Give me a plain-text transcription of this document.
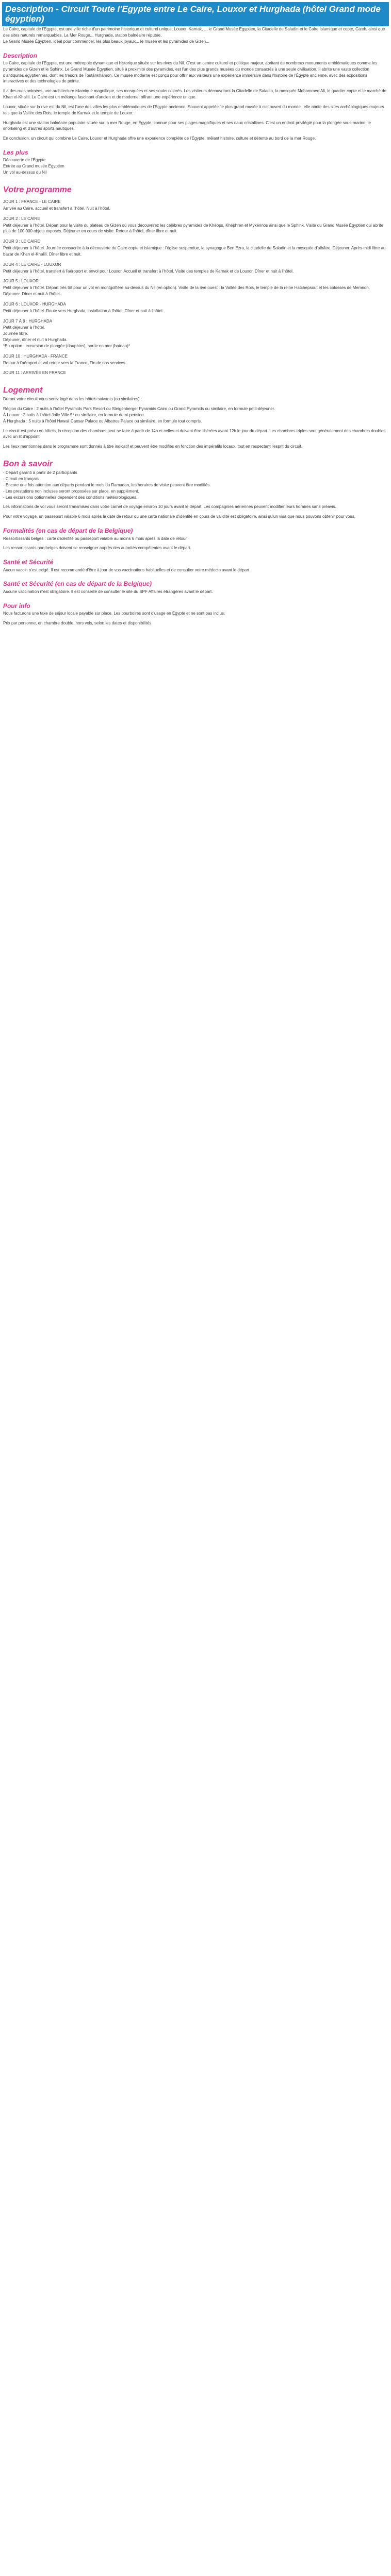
Description - Circuit Toute l'Egypte entre Le Caire, Louxor et Hurghada (hôtel Grand mode égyptien)

Le Caire, capitale de l'Égypte, est une ville riche d'un patrimoine historique et culturel unique, Louxor, Karnak, ... le Grand Musée Égyptien, la Citadelle de Saladin et le Caire Islamique et copte, Gizeh, ainsi que des sites naturels remarquables. La Mer Rouge... Hurghada, station balnéaire réputée.

Le Grand Musée Égyptien, idéal pour commencer, les plus beaux joyaux... le musée et les pyramides de Gizeh...

Description

Le Caire, capitale de l'Égypte, est une métropole dynamique et historique située sur les rives du Nil. C'est un centre culturel et politique majeur, abritant de nombreux monuments emblématiques comme les pyramides de Gizeh et le Sphinx. Le Grand Musée Égyptien, situé à proximité des pyramides, est l'un des plus grands musées du monde consacrés à une seule civilisation. Il abrite une vaste collection d'antiquités égyptiennes, dont les trésors de Toutânkhamon. Ce musée moderne est conçu pour offrir aux visiteurs une expérience immersive dans l'histoire de l'Égypte ancienne, avec des expositions interactives et des technologies de pointe.

Il a des rues animées, une architecture islamique magnifique, ses mosquées et ses souks colorés. Les visiteurs découvriront la Citadelle de Saladin, la mosquée Mohammed Ali, le quartier copte et le marché de Khan el-Khalili. Le Caire est un mélange fascinant d'ancien et de moderne, offrant une expérience unique.

Louxor, située sur la rive est du Nil, est l'une des villes les plus emblématiques de l'Égypte ancienne. Souvent appelée 'le plus grand musée à ciel ouvert du monde', elle abrite des sites archéologiques majeurs tels que la Vallée des Rois, le temple de Karnak et le temple de Louxor.

Hurghada est une station balnéaire populaire située sur la mer Rouge, en Égypte, connue pour ses plages magnifiques et ses eaux cristallines. C'est un endroit privilégié pour la plongée sous-marine, le snorkeling et d'autres sports nautiques.

En conclusion, un circuit qui combine Le Caire, Louxor et Hurghada offre une expérience complète de l'Égypte, mêlant histoire, culture et détente au bord de la mer Rouge.

Les plus

Découverte de l'Égypte
Entrée au Grand musée Égyptien
Un vol au-dessus du Nil

Votre programme
JOUR 1 : FRANCE - LE CAIRE

Arrivée au Caire, accueil et transfert à l'hôtel. Nuit à l'hôtel.

JOUR 2 : LE CAIRE

Petit déjeuner à l'hôtel. Départ pour la visite du plateau de Gizeh où vous découvrirez les célèbres pyramides de Khéops, Khéphren et Mykérinos ainsi que le Sphinx. Visite du Grand Musée Égyptien qui abrite plus de 100 000 objets exposés. Déjeuner en cours de visite. Retour à l'hôtel, dîner libre et nuit.

JOUR 3 : LE CAIRE

Petit déjeuner à l'hôtel. Journée consacrée à la découverte du Caire copte et islamique : l'église suspendue, la synagogue Ben Ezra, la citadelle de Saladin et la mosquée d'albâtre. Déjeuner. Après-midi libre au bazar de Khan el-Khalili. Dîner libre et nuit.

JOUR 4 : LE CAIRE - LOUXOR

Petit déjeuner à l'hôtel, transfert à l'aéroport et envol pour Louxor. Accueil et transfert à l'hôtel. Visite des temples de Karnak et de Louxor. Dîner et nuit à l'hôtel.

JOUR 5 : LOUXOR

Petit déjeuner à l'hôtel. Départ très tôt pour un vol en montgolfière au-dessus du Nil (en option). Visite de la rive ouest : la Vallée des Rois, le temple de la reine Hatchepsout et les colosses de Memnon. Déjeuner. Dîner et nuit à l'hôtel.

JOUR 6 : LOUXOR - HURGHADA

Petit déjeuner à l'hôtel. Route vers Hurghada, installation à l'hôtel. Dîner et nuit à l'hôtel.

JOUR 7 À 9 : HURGHADA

Petit déjeuner à l'hôtel.
Journée libre.
Déjeuner, dîner et nuit à Hurghada.
*En option : excursion de plongée (dauphins), sortie en mer (bateau)*

JOUR 10 : HURGHADA - FRANCE

Retour à l'aéroport et vol retour vers la France. Fin de nos services.

JOUR 11 : ARRIVÉE EN FRANCE

Logement

Durant votre circuit vous serez logé dans les hôtels suivants (ou similaires) :

Région du Caire : 2 nuits à l'hôtel Pyramids Park Resort ou Steigenberger Pyramids Cairo ou Grand Pyramids ou similaire, en formule petit-déjeuner.
À Louxor : 2 nuits à l'hôtel Jolie Ville 5* ou similaire, en formule demi-pension.
À Hurghada : 5 nuits à l'hôtel Hawaii Caesar Palace ou Albatros Palace ou similaire, en formule tout compris.

Le circuit est prévu en hôtels, la réception des chambres peut se faire à partir de 14h et celles-ci doivent être libérées avant 12h le jour du départ. Les chambres triples sont généralement des chambres doubles avec un lit d'appoint.

Les lieux mentionnés dans le programme sont donnés à titre indicatif et peuvent être modifiés en fonction des impératifs locaux, tout en respectant l'esprit du circuit.

Bon à savoir

- Départ garanti à partir de 2 participants
- Circuit en français
- Encore une fois attention aux départs pendant le mois du Ramadan, les horaires de visite peuvent être modifiés.
- Les prestations non incluses seront proposées sur place, en supplément.
- Les excursions optionnelles dépendent des conditions météorologiques.

Les informations de vol vous seront transmises dans votre carnet de voyage environ 10 jours avant le départ. Les compagnies aériennes peuvent modifier leurs horaires sans préavis.

Pour votre voyage, un passeport valable 6 mois après la date de retour ou une carte nationale d'identité en cours de validité est obligatoire, ainsi qu'un visa que nous pouvons obtenir pour vous.

Formalités (en cas de départ de la Belgique)

Ressortissants belges : carte d'identité ou passeport valable au moins 6 mois après la date de retour.

Les ressortissants non belges doivent se renseigner auprès des autorités compétentes avant le départ.

Santé et Sécurité

Aucun vaccin n'est exigé. Il est recommandé d'être à jour de vos vaccinations habituelles et de consulter votre médecin avant le départ.

Santé et Sécurité (en cas de départ de la Belgique)

Aucune vaccination n'est obligatoire. Il est conseillé de consulter le site du SPF Affaires étrangères avant le départ.

Pour info

Nous facturons une taxe de séjour locale payable sur place. Les pourboires sont d'usage en Égypte et ne sont pas inclus.

Prix par personne, en chambre double, hors vols, selon les dates et disponibilités.
